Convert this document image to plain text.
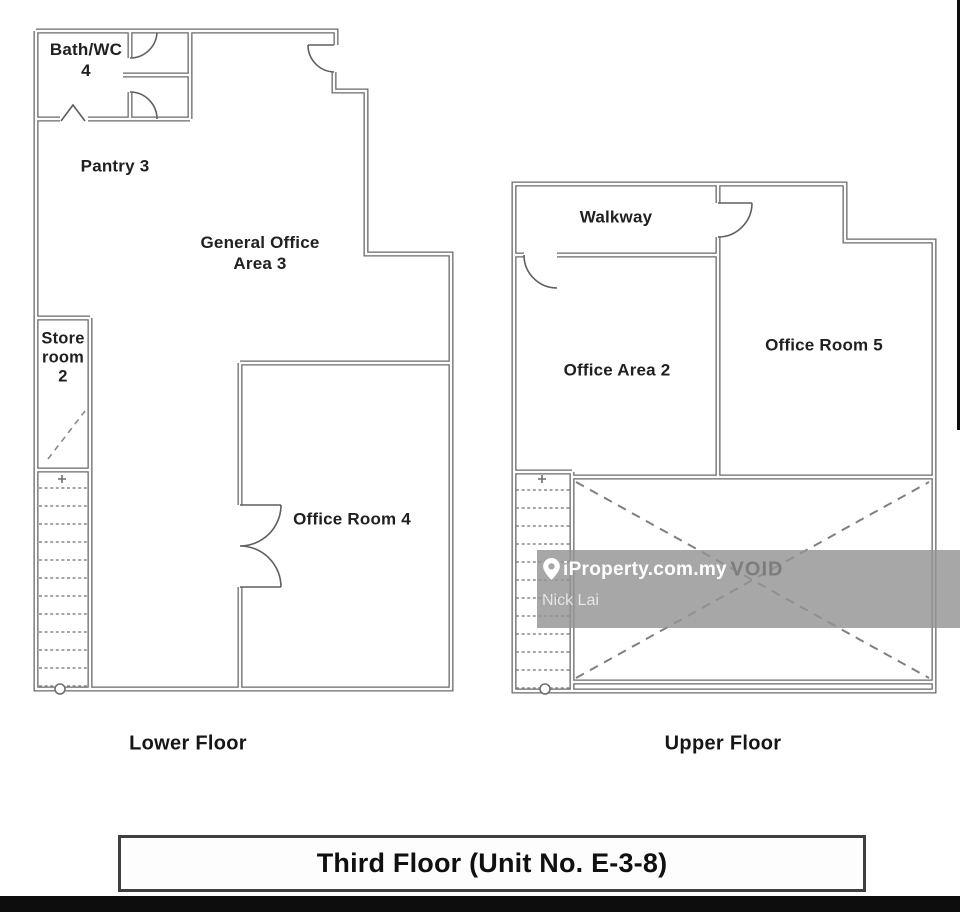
Bath/WC
4
Pantry 3
General Office
Area 3
Store
room
2
Office Room 4
Walkway
Office Area 2
Office Room 5
iProperty.com.my
Nick Lai
Lower Floor	Upper Floor
Third Floor (Unit No. E-3-8)
